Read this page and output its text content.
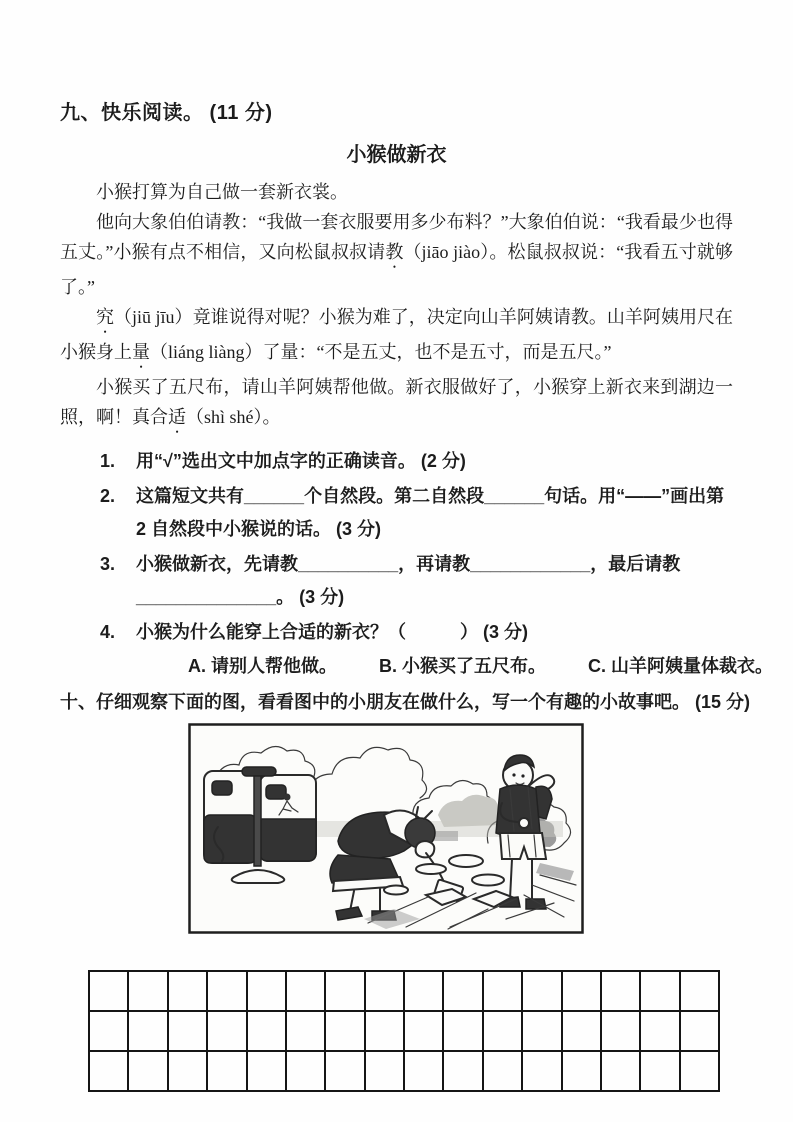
九、快乐阅读。 (11 分)
小猴做新衣

小猴打算为自己做一套新衣裳。

他向大象伯伯请教：“我做一套衣服要用多少布料？”大象伯伯说：“我看最少也得五丈。”小猴有点不相信，又向松鼠叔叔请教（jiāo jiào）。松鼠叔叔说：“我看五寸就够了。”

究（jiū jīu）竟谁说得对呢？小猴为难了，决定向山羊阿姨请教。山羊阿姨用尺在小猴身上量（liáng liàng）了量：“不是五丈，也不是五寸，而是五尺。”

小猴买了五尺布，请山羊阿姨帮他做。新衣服做好了，小猴穿上新衣来到湖边一照，啊！真合适（shì shé）。

1.	用“√”选出文中加点字的正确读音。 (2 分)
2.	这篇短文共有______个自然段。第二自然段______句话。用“——”画出第 2 自然段中小猴说的话。 (3 分)
3.	小猴做新衣，先请教__________，再请教____________，最后请教______________。 (3 分)
4.	小猴为什么能穿上合适的新衣？（　　　） (3 分)
A. 请别人帮他做。 B. 小猴买了五尺布。 C. 山羊阿姨量体裁衣。
十、仔细观察下面的图，看看图中的小朋友在做什么，写一个有趣的小故事吧。 (15 分)
